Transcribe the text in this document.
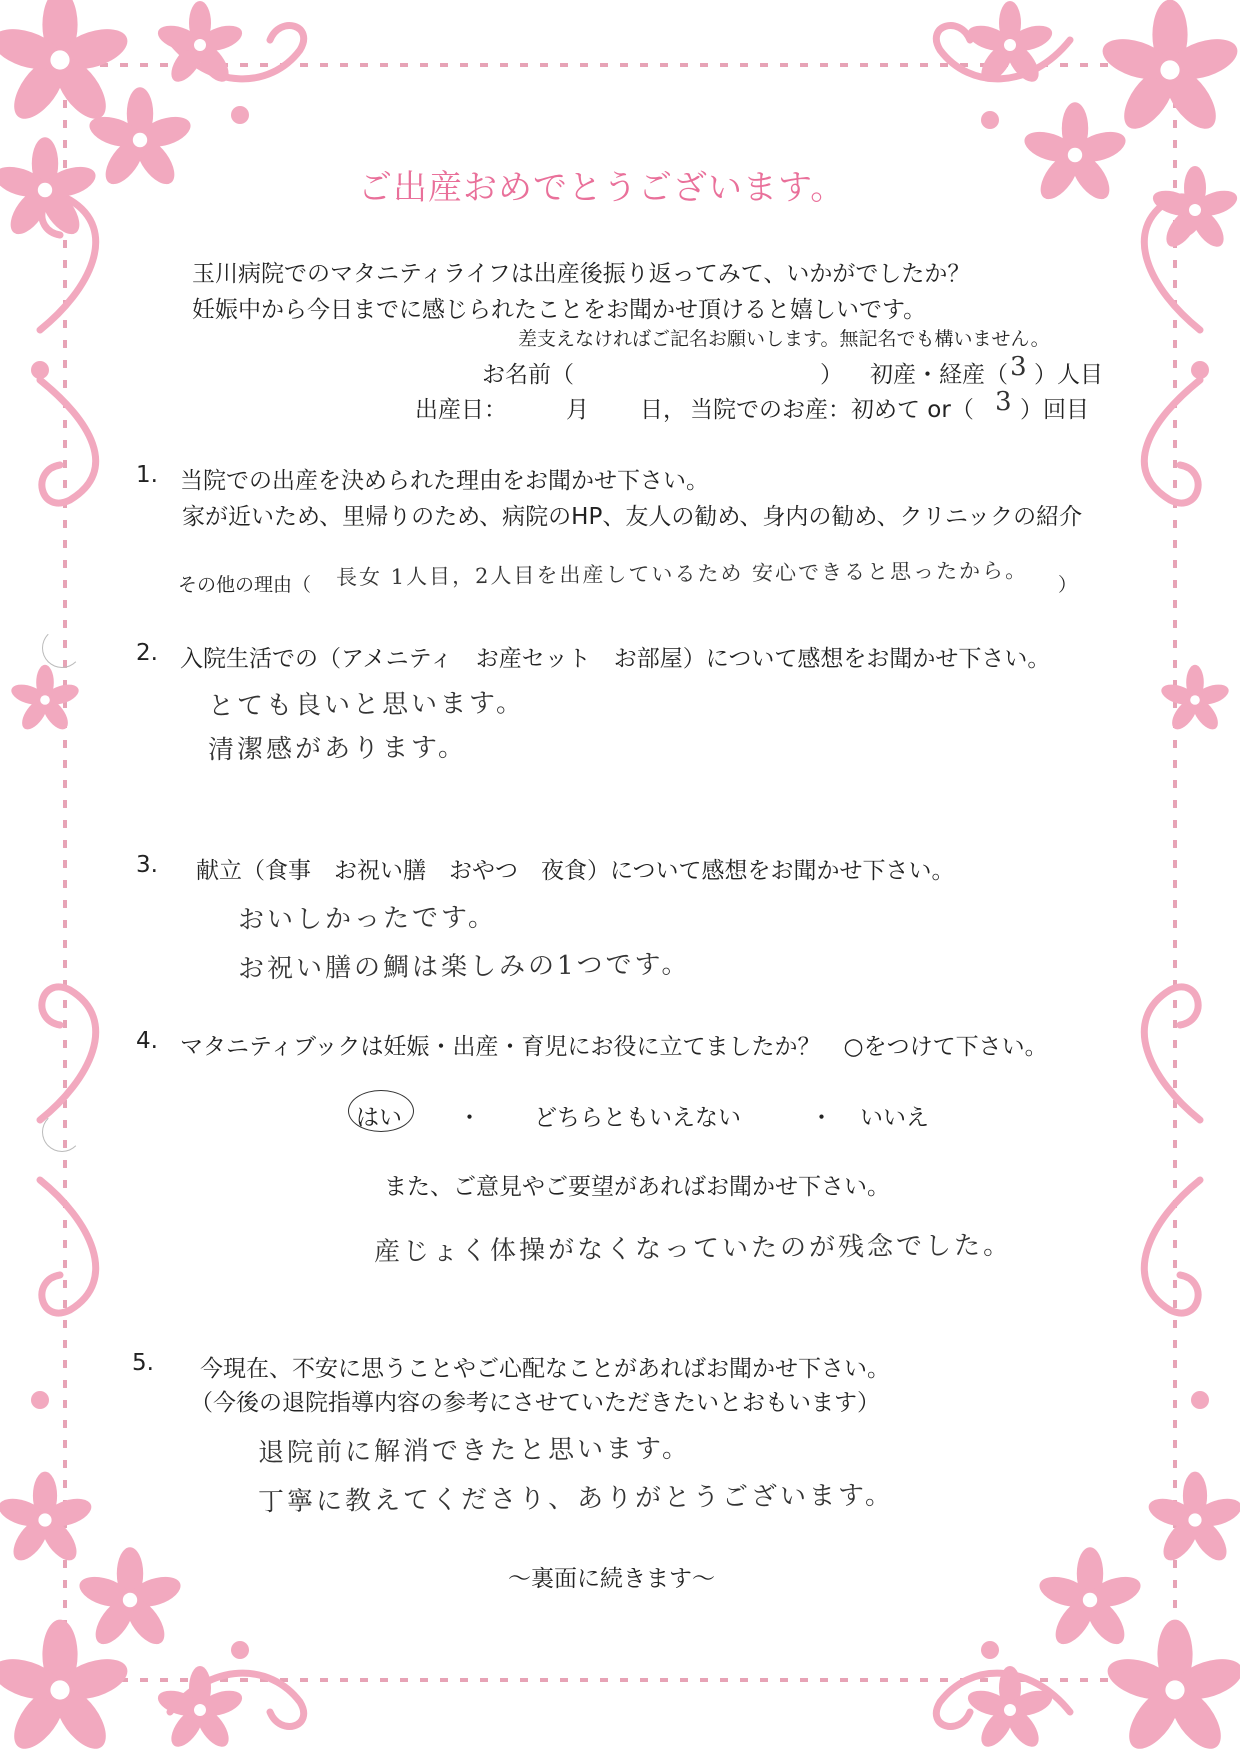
ご出産おめでとうございます。
玉川病院でのマタニティライフは出産後振り返ってみて、いかがでしたか？
妊娠中から今日までに感じられたことをお聞かせ頂けると嬉しいです。
差支えなければご記名お願いします。無記名でも構いません。
お名前（	） 初産・経産（ 3 ）人目
出産日：	月 日， 当院でのお産：初めて or（ 3 ）回目
1. 当院での出産を決められた理由をお聞かせ下さい。
家が近いため、里帰りのため、病院のHP、友人の勧め、身内の勧め、クリニックの紹介
その他の理由（ 長女 1人目，2人目を出産しているため 安心できると思ったから。 ）
2. 入院生活での（アメニティ　お産セット　お部屋）について感想をお聞かせ下さい。
とても良いと思います。
清潔感があります。
3. 献立（食事　お祝い膳　おやつ　夜食）について感想をお聞かせ下さい。
おいしかったです。
お祝い膳の鯛は楽しみの1つです。
4. マタニティブックは妊娠・出産・育児にお役に立てましたか？　○をつけて下さい。
はい ・ どちらともいえない	・ いいえ
また、ご意見やご要望があればお聞かせ下さい。
産じょく体操がなくなっていたのが残念でした。
5. 今現在、不安に思うことやご心配なことがあればお聞かせ下さい。
（今後の退院指導内容の参考にさせていただきたいとおもいます）
退院前に解消できたと思います。
丁寧に教えてくださり、ありがとうございます。
～裏面に続きます～
